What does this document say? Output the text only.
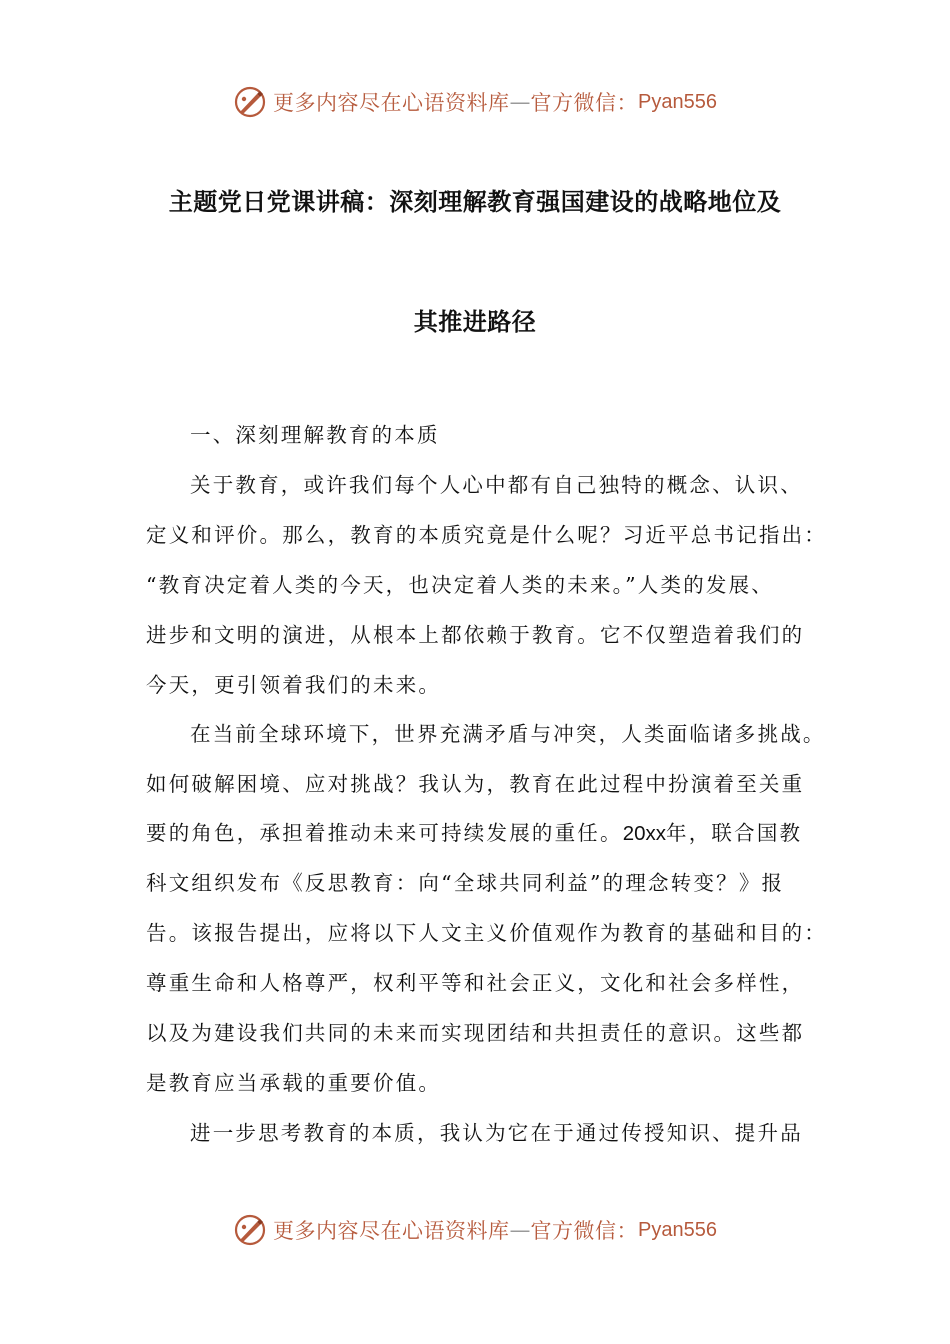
更多内容尽在心语资料库 — 官方微信： Pyan556
主题党日党课讲稿：深刻理解教育强国建设的战略地位及
其推进路径
一、深刻理解教育的本质
关于教育，或许我们每个人心中都有自己独特的概念、认识、
定义和评价。那么，教育的本质究竟是什么呢？习近平总书记指出：
“教育决定着人类的今天，也决定着人类的未来。”人类的发展、
进步和文明的演进，从根本上都依赖于教育。它不仅塑造着我们的
今天，更引领着我们的未来。
在当前全球环境下，世界充满矛盾与冲突，人类面临诸多挑战。
如何破解困境、应对挑战？我认为，教育在此过程中扮演着至关重
要的角色，承担着推动未来可持续发展的重任。20xx年，联合国教
科文组织发布《反思教育：向“全球共同利益”的理念转变？》报
告。该报告提出，应将以下人文主义价值观作为教育的基础和目的：
尊重生命和人格尊严，权利平等和社会正义，文化和社会多样性，
以及为建设我们共同的未来而实现团结和共担责任的意识。这些都
是教育应当承载的重要价值。
进一步思考教育的本质，我认为它在于通过传授知识、提升品
更多内容尽在心语资料库 — 官方微信： Pyan556
